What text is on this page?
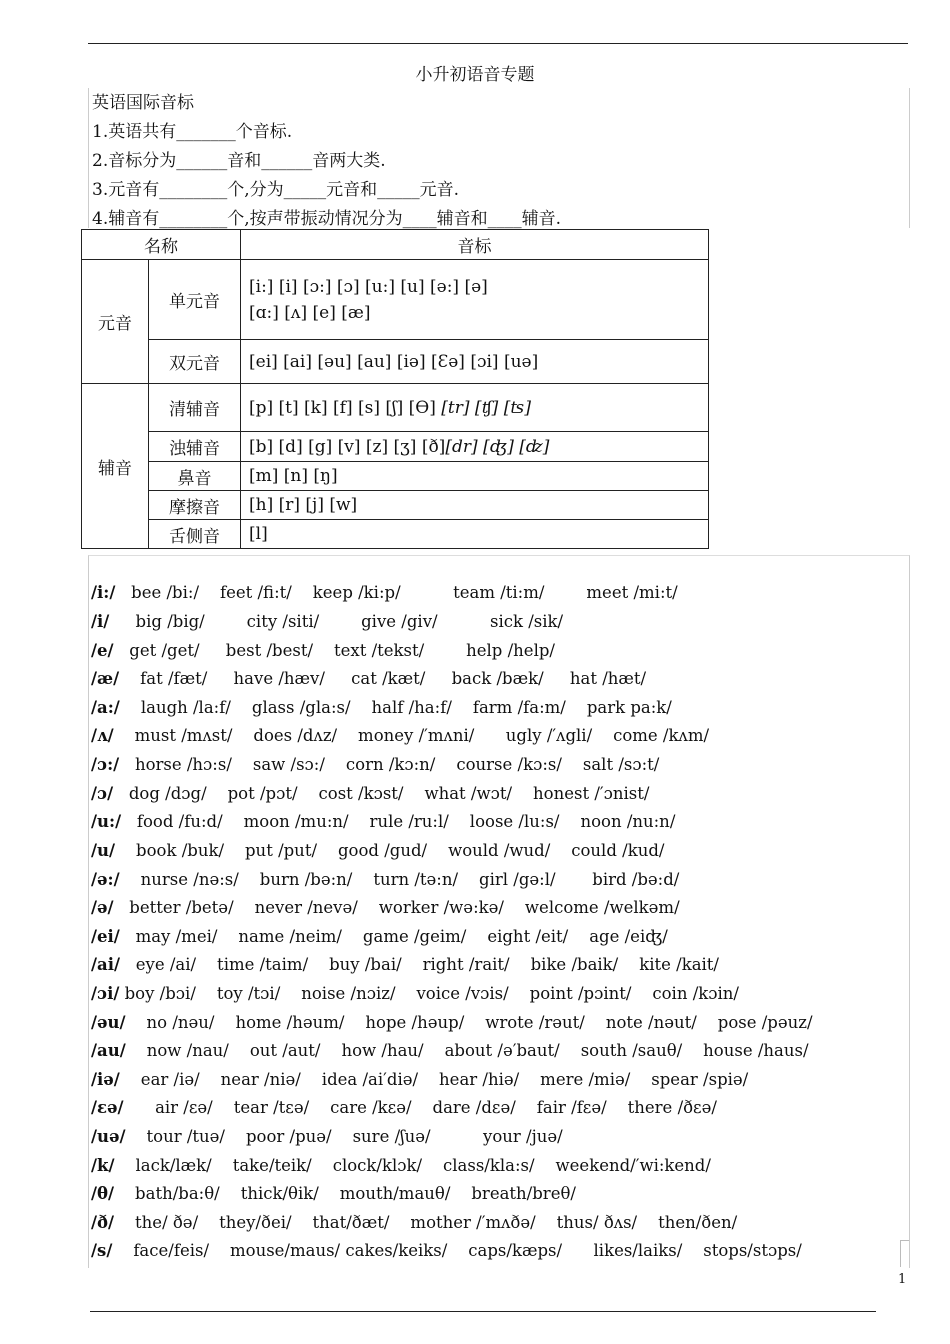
小升初语音专题
英语国际音标
1.英语共有_______个音标.
2.音标分为______音和______音两大类.
3.元音有________个,分为_____元音和_____元音.
4.辅音有________个,按声带振动情况分为____辅音和____辅音.
名称		音标
元音	单元音	[i:] [i] [ɔ:] [ɔ] [u:] [u] [ə:] [ə]
[ɑ:] [ʌ] [e] [æ]

	双元音	[ei] [ai] [əu] [au] [iə] [Ɛə] [ɔi] [uə]
辅音	清辅音	[p] [t] [k] [f] [s] [ʃ] [Ө] [tr] [ʧ] [ʦ]
	浊辅音	[b] [d] [g] [v] [z] [ʒ] [ð][dr] [ʤ] [ʣ]
	鼻音	[m] [n] [ŋ]
	摩擦音	[h] [r] [j] [w]
	舌侧音	[l]
/i:/   bee /bi:/    feet /fi:t/    keep /ki:p/          team /ti:m/        meet /mi:t/
/i/     big /big/        city /siti/        give /giv/          sick /sik/
/e/   get /get/     best /best/    text /tekst/        help /help/
/æ/    fat /fæt/     have /hæv/     cat /kæt/     back /bæk/     hat /hæt/
/a:/    laugh /la:f/    glass /gla:s/    half /ha:f/    farm /fa:m/    park pa:k/
/ʌ/    must /mʌst/    does /dʌz/    money /′mʌni/      ugly /′ʌgli/    come /kʌm/
/ɔ:/   horse /hɔ:s/    saw /sɔ:/    corn /kɔ:n/    course /kɔ:s/    salt /sɔ:t/
/ɔ/   dog /dɔg/    pot /pɔt/    cost /kɔst/    what /wɔt/    honest /′ɔnist/
/u:/   food /fu:d/    moon /mu:n/    rule /ru:l/    loose /lu:s/    noon /nu:n/
/u/    book /buk/    put /put/    good /gud/    would /wud/    could /kud/
/ə:/    nurse /nə:s/    burn /bə:n/    turn /tə:n/    girl /gə:l/       bird /bə:d/
/ə/   better /betə/    never /nevə/    worker /wə:kə/    welcome /welkəm/
/ei/   may /mei/    name /neim/    game /geim/    eight /eit/    age /eiʤ/
/ai/   eye /ai/    time /taim/    buy /bai/    right /rait/    bike /baik/    kite /kait/
/ɔi/ boy /bɔi/    toy /tɔi/    noise /nɔiz/    voice /vɔis/    point /pɔint/    coin /kɔin/
/əu/    no /nəu/    home /həum/    hope /həup/    wrote /rəut/    note /nəut/    pose /pəuz/
/au/    now /nau/    out /aut/    how /hau/    about /ə′baut/    south /sauθ/    house /haus/
/iə/    ear /iə/    near /niə/    idea /ai′diə/    hear /hiə/    mere /miə/    spear /spiə/
/εə/      air /εə/    tear /tεə/    care /kεə/    dare /dεə/    fair /fεə/    there /ðεə/
/uə/    tour /tuə/    poor /puə/    sure /ʃuə/          your /juə/
/k/    lack/læk/    take/teik/    clock/klɔk/    class/kla:s/    weekend/′wi:kend/
/θ/    bath/ba:θ/    thick/θik/    mouth/mauθ/    breath/breθ/
/ð/    the/ ðə/    they/ðei/    that/ðæt/    mother /′mʌðə/    thus/ ðʌs/    then/ðen/
/s/    face/feis/    mouse/maus/ cakes/keiks/    caps/kæps/      likes/laiks/    stops/stɔps/
1
